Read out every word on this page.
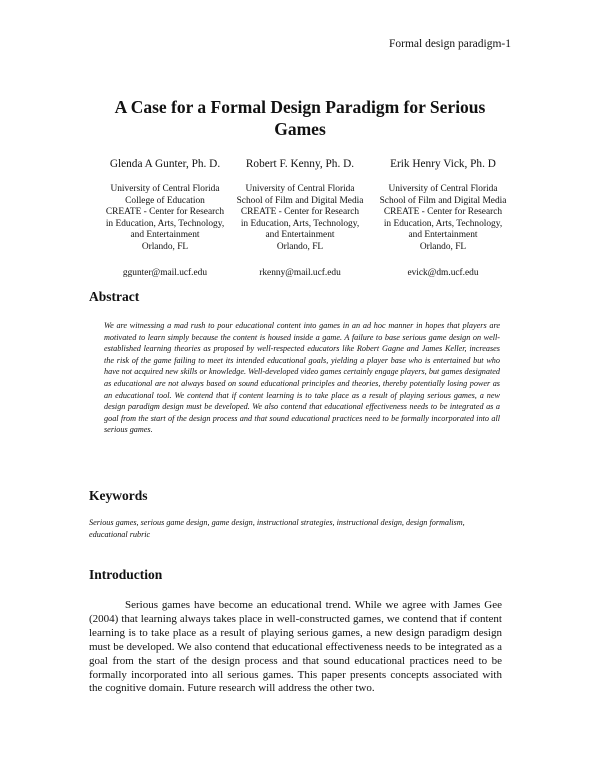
Formal design paradigm-1
A Case for a Formal Design Paradigm for Serious Games
Glenda A Gunter, Ph. D.
University of Central Florida
College of Education
CREATE - Center for Research
in Education, Arts, Technology,
and Entertainment
Orlando, FL
ggunter@mail.ucf.edu
Robert F. Kenny, Ph. D.
University of Central Florida
School of Film and Digital Media
CREATE - Center for Research
in Education, Arts, Technology,
and Entertainment
Orlando, FL
rkenny@mail.ucf.edu
Erik Henry Vick, Ph. D
University of Central Florida
School of Film and Digital Media
CREATE - Center for Research
in Education, Arts, Technology,
and Entertainment
Orlando, FL
evick@dm.ucf.edu
Abstract
We are witnessing a mad rush to pour educational content into games in an ad hoc manner in hopes that players are motivated to learn simply because the content is housed inside a game. A failure to base serious game design on well-established learning theories as proposed by well-respected educators like Robert Gagne and James Keller, increases the risk of the game failing to meet its intended educational goals, yielding a player base who is entertained but who have not acquired new skills or knowledge. Well-developed video games certainly engage players, but games designated as educational are not always based on sound educational principles and theories, thereby potentially losing power as an educational tool. We contend that if content learning is to take place as a result of playing serious games, a new design paradigm design must be developed. We also contend that educational effectiveness needs to be integrated as a goal from the start of the design process and that sound educational practices need to be formally incorporated into all serious games.
Keywords
Serious games, serious game design, game design, instructional strategies, instructional design, design formalism, educational rubric
Introduction
Serious games have become an educational trend. While we agree with James Gee (2004) that learning always takes place in well-constructed games, we contend that if content learning is to take place as a result of playing serious games, a new design paradigm design must be developed. We also contend that educational effectiveness needs to be integrated as a goal from the start of the design process and that sound educational practices need to be formally incorporated into all serious games. This paper presents concepts associated with the cognitive domain. Future research will address the other two.
